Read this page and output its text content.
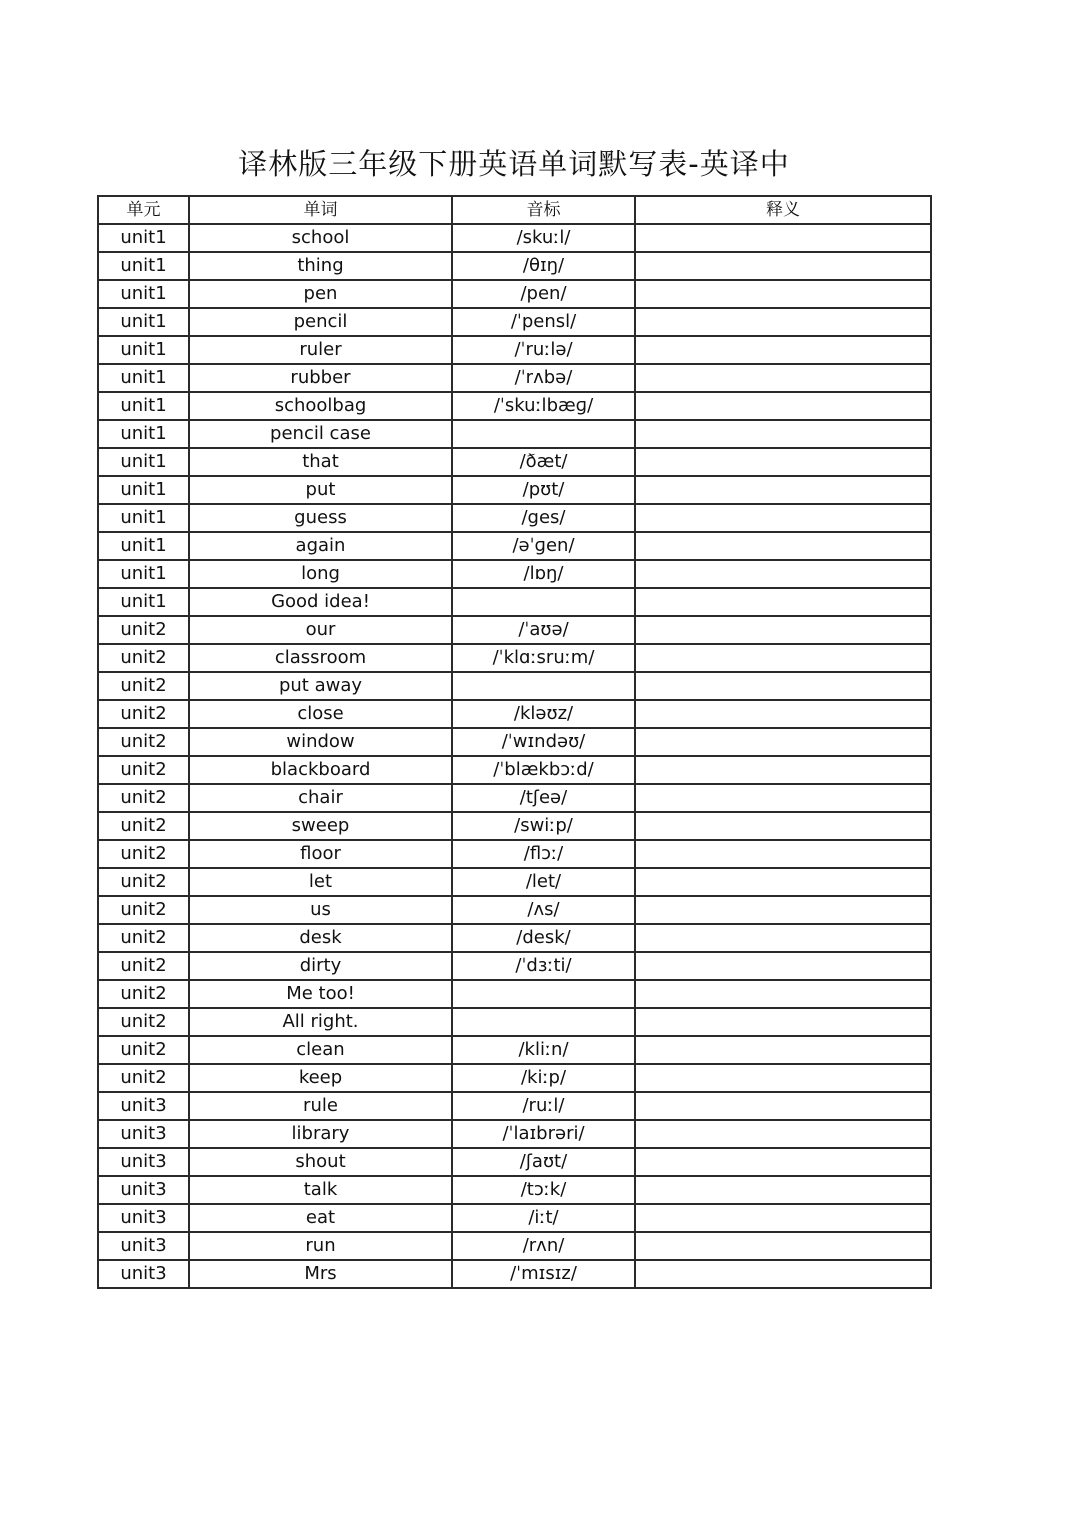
译林版三年级下册英语单词默写表-英译中
单元	单词	音标	释义
unit1	school	/skuːl/	
unit1	thing	/θɪŋ/	
unit1	pen	/pen/	
unit1	pencil	/ˈpensl/	
unit1	ruler	/ˈruːlə/	
unit1	rubber	/ˈrʌbə/	
unit1	schoolbag	/ˈskuːlbæɡ/	
unit1	pencil case		
unit1	that	/ðæt/	
unit1	put	/pʊt/	
unit1	guess	/ges/	
unit1	again	/əˈɡen/	
unit1	long	/lɒŋ/	
unit1	Good idea!		
unit2	our	/ˈaʊə/	
unit2	classroom	/ˈklɑːsruːm/	
unit2	put away		
unit2	close	/kləʊz/	
unit2	window	/ˈwɪndəʊ/	
unit2	blackboard	/ˈblækbɔːd/	
unit2	chair	/tʃeə/	
unit2	sweep	/swiːp/	
unit2	floor	/flɔː/	
unit2	let	/let/	
unit2	us	/ʌs/	
unit2	desk	/desk/	
unit2	dirty	/ˈdɜːti/	
unit2	Me too!		
unit2	All right.		
unit2	clean	/kliːn/	
unit2	keep	/kiːp/	
unit3	rule	/ruːl/	
unit3	library	/ˈlaɪbrəri/	
unit3	shout	/ʃaʊt/	
unit3	talk	/tɔːk/	
unit3	eat	/iːt/	
unit3	run	/rʌn/	
unit3	Mrs	/ˈmɪsɪz/	
